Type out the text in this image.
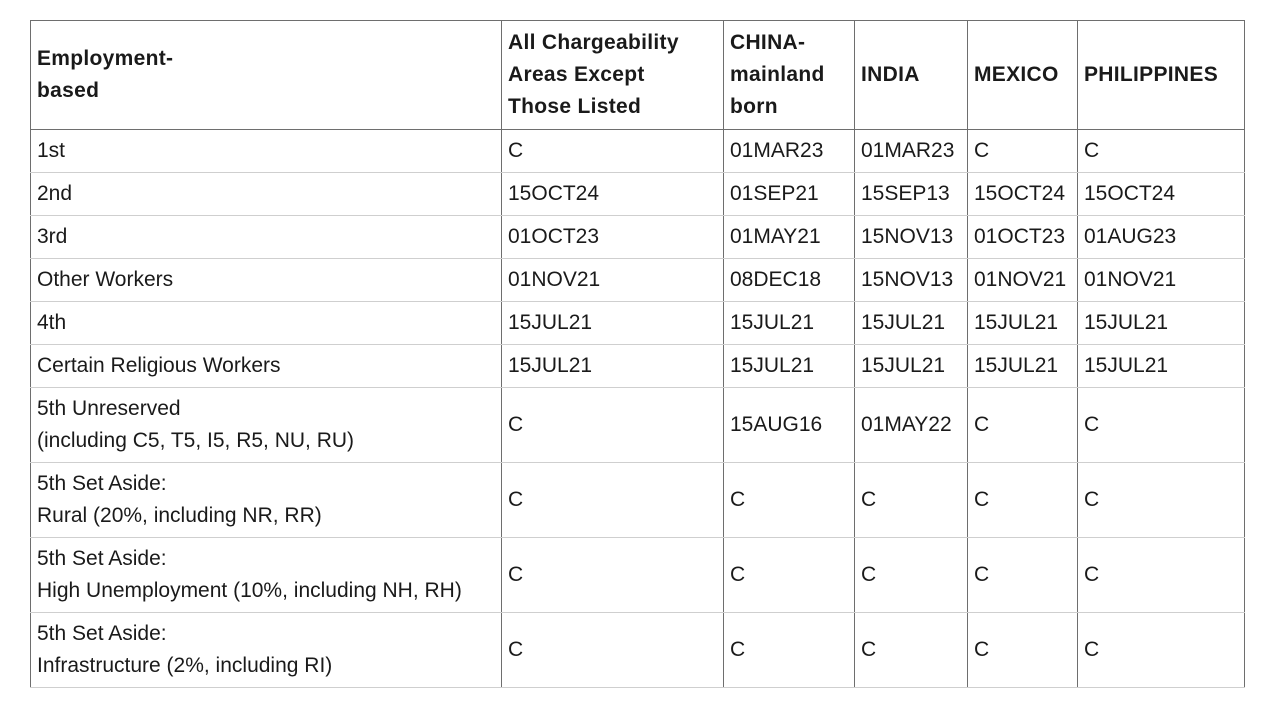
Employment-
based	All Chargeability
Areas Except
Those Listed	CHINA-
mainland
born	INDIA	MEXICO	PHILIPPINES

1st	C	01MAR23	01MAR23	C	C

2nd	15OCT24	01SEP21	15SEP13	15OCT24	15OCT24

3rd	01OCT23	01MAY21	15NOV13	01OCT23	01AUG23

Other Workers	01NOV21	08DEC18	15NOV13	01NOV21	01NOV21

4th	15JUL21	15JUL21	15JUL21	15JUL21	15JUL21

Certain Religious Workers	15JUL21	15JUL21	15JUL21	15JUL21	15JUL21

5th Unreserved
(including C5, T5, I5, R5, NU, RU)	C	15AUG16	01MAY22	C	C

5th Set Aside:
Rural (20%, including NR, RR)	C	C	C	C	C

5th Set Aside:
High Unemployment (10%, including NH, RH)	C	C	C	C	C

5th Set Aside:
Infrastructure (2%, including RI)	C	C	C	C	C
